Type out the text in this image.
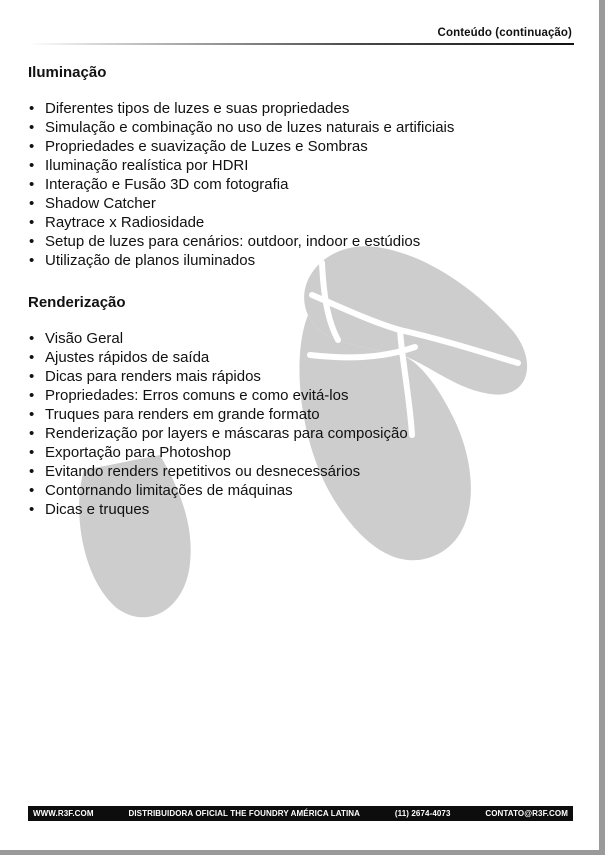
Conteúdo (continuação)
Iluminação
• Diferentes tipos de luzes e suas propriedades
• Simulação e combinação no uso de luzes naturais e artificiais
• Propriedades e suavização de Luzes e Sombras
• Iluminação realística por HDRI
• Interação e Fusão 3D com fotografia
• Shadow Catcher
• Raytrace x Radiosidade
• Setup de luzes para cenários: outdoor, indoor e estúdios
• Utilização de planos iluminados
Renderização
• Visão Geral
• Ajustes rápidos de saída
• Dicas para renders mais rápidos
• Propriedades: Erros comuns e como evitá-los
• Truques para renders em grande formato
• Renderização por layers e máscaras para composição
• Exportação para Photoshop
• Evitando renders repetitivos ou desnecessários
• Contornando limitações de máquinas
• Dicas e truques
WWW.R3F.COM	DISTRIBUIDORA OFICIAL THE FOUNDRY AMÉRICA LATINA	(11) 2674-4073	CONTATO@R3F.COM
